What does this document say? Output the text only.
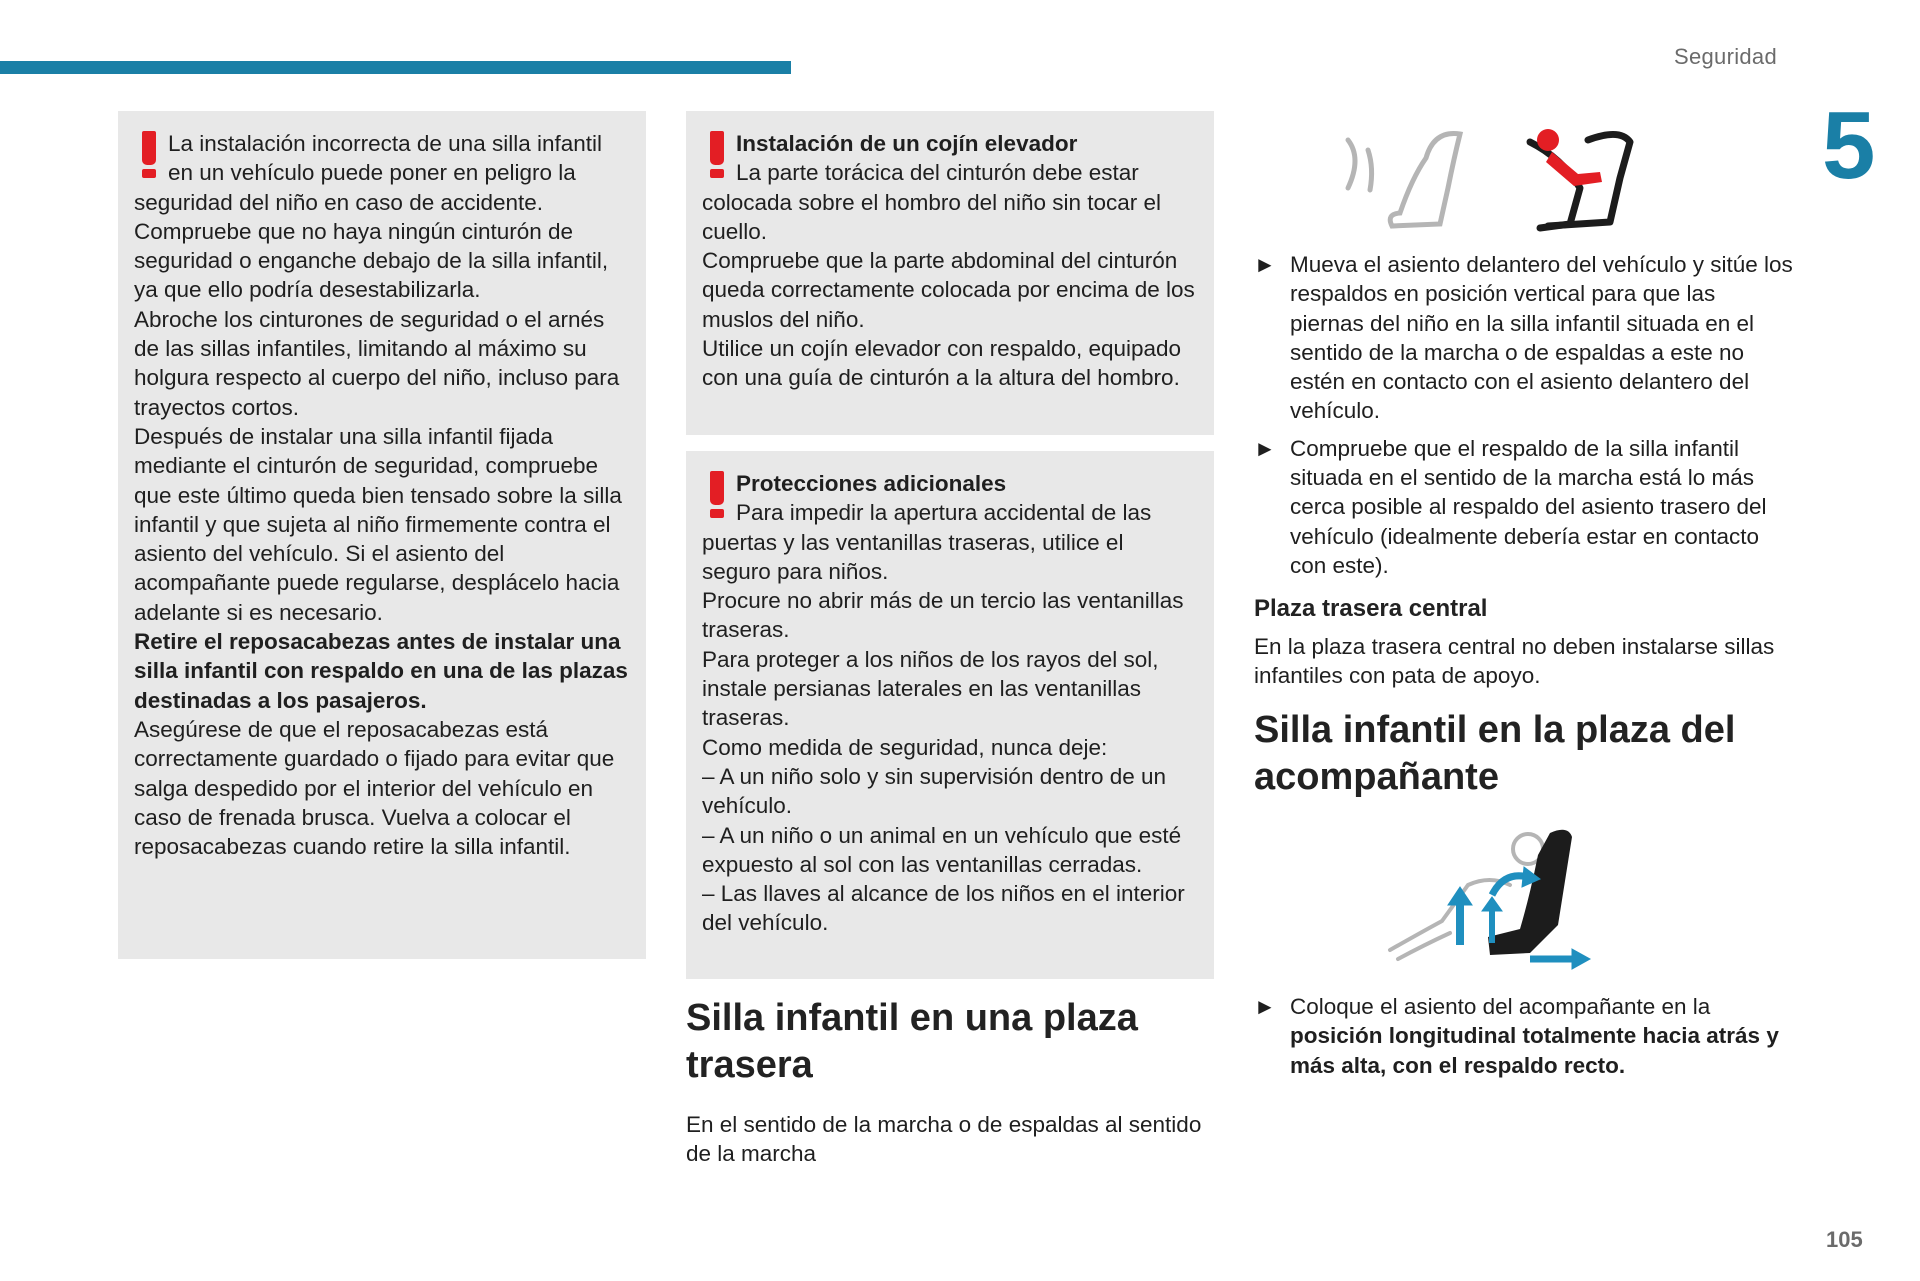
Seguridad
5

La instalación incorrecta de una silla infantil en un vehículo puede poner en peligro la seguridad del niño en caso de accidente.

Compruebe que no haya ningún cinturón de seguridad o enganche debajo de la silla infantil, ya que ello podría desestabilizarla.

Abroche los cinturones de seguridad o el arnés de las sillas infantiles, limitando al máximo su holgura respecto al cuerpo del niño, incluso para trayectos cortos.

Después de instalar una silla infantil fijada mediante el cinturón de seguridad, compruebe que este último queda bien tensado sobre la silla infantil y que sujeta al niño firmemente contra el asiento del vehículo. Si el asiento del acompañante puede regularse, desplácelo hacia adelante si es necesario.

Retire el reposacabezas antes de instalar una silla infantil con respaldo en una de las plazas destinadas a los pasajeros.

Asegúrese de que el reposacabezas está correctamente guardado o fijado para evitar que salga despedido por el interior del vehículo en caso de frenada brusca. Vuelva a colocar el reposacabezas cuando retire la silla infantil.

Instalación de un cojín elevador

La parte torácica del cinturón debe estar colocada sobre el hombro del niño sin tocar el cuello.

Compruebe que la parte abdominal del cinturón queda correctamente colocada por encima de los muslos del niño.

Utilice un cojín elevador con respaldo, equipado con una guía de cinturón a la altura del hombro.

Protecciones adicionales

Para impedir la apertura accidental de las puertas y las ventanillas traseras, utilice el seguro para niños.

Procure no abrir más de un tercio las ventanillas traseras.

Para proteger a los niños de los rayos del sol, instale persianas laterales en las ventanillas traseras.

Como medida de seguridad, nunca deje:

– A un niño solo y sin supervisión dentro de un vehículo.

– A un niño o un animal en un vehículo que esté expuesto al sol con las ventanillas cerradas.

– Las llaves al alcance de los niños en el interior del vehículo.

Silla infantil en una plaza trasera
En el sentido de la marcha o de espaldas al sentido de la marcha
► Mueva el asiento delantero del vehículo y sitúe los respaldos en posición vertical para que las piernas del niño en la silla infantil situada en el sentido de la marcha o de espaldas a este no estén en contacto con el asiento delantero del vehículo.
► Compruebe que el respaldo de la silla infantil situada en el sentido de la marcha está lo más cerca posible al respaldo del asiento trasero del vehículo (idealmente debería estar en contacto con este).
Plaza trasera central
En la plaza trasera central no deben instalarse sillas infantiles con pata de apoyo.
Silla infantil en la plaza del acompañante
► Coloque el asiento del acompañante en la posición longitudinal totalmente hacia atrás y más alta, con el respaldo recto.
105
